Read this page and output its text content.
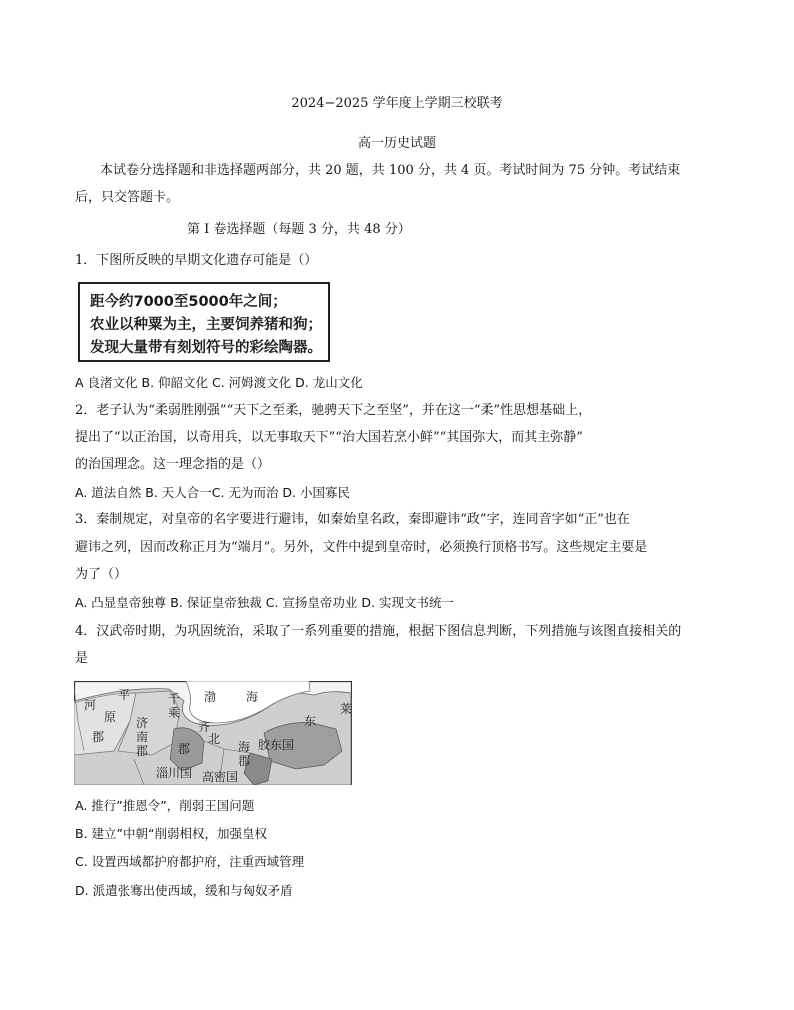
2024−2025 学年度上学期三校联考
高一历史试题
本试卷分选择题和非选择题两部分，共 20 题，共 100 分，共 4 页。考试时间为 75 分钟。考试结束
后，只交答题卡。
第 I 卷选择题（每题 3 分，共 48 分）
1．下图所反映的早期文化遗存可能是（）
距今约7000至5000年之间；
农业以种粟为主，主要饲养猪和狗；
发现大量带有刻划符号的彩绘陶器。
A 良渚文化 B. 仰韶文化 C. 河姆渡文化 D. 龙山文化
2．老子认为“柔弱胜刚强”“天下之至柔，驰骋天下之至坚”，并在这一“柔”性思想基础上，
提出了“以正治国，以奇用兵，以无事取天下”“治大国若烹小鲜”“其国弥大，而其主弥静”
的治国理念。这一理念指的是（）
A. 道法自然 B. 天人合一C. 无为而治 D. 小国寡民
3．秦制规定，对皇帝的名字要进行避讳，如秦始皇名政，秦即避讳“政”字，连同音字如“正”也在
避讳之列，因而改称正月为“端月”。另外，文件中提到皇帝时，必须换行顶格书写。这些规定主要是
为了（）
A. 凸显皇帝独尊 B. 保证皇帝独裁 C. 宣扬皇帝功业 D. 实现文书统一
4．汉武帝时期，为巩固统治，采取了一系列重要的措施，根据下图信息判断，下列措施与该图直接相关的
是
河
平
原
郡
济
南
郡
千
乘
渤 海
齐
郡
北
海
郡
东
莱
胶东国
淄川国 高密国
A. 推行”推恩令”，削弱王国问题
B. 建立”中朝“削弱相权，加强皇权
C. 设置西域都护府都护府，注重西域管理
D. 派遣张骞出使西域，缓和与匈奴矛盾
